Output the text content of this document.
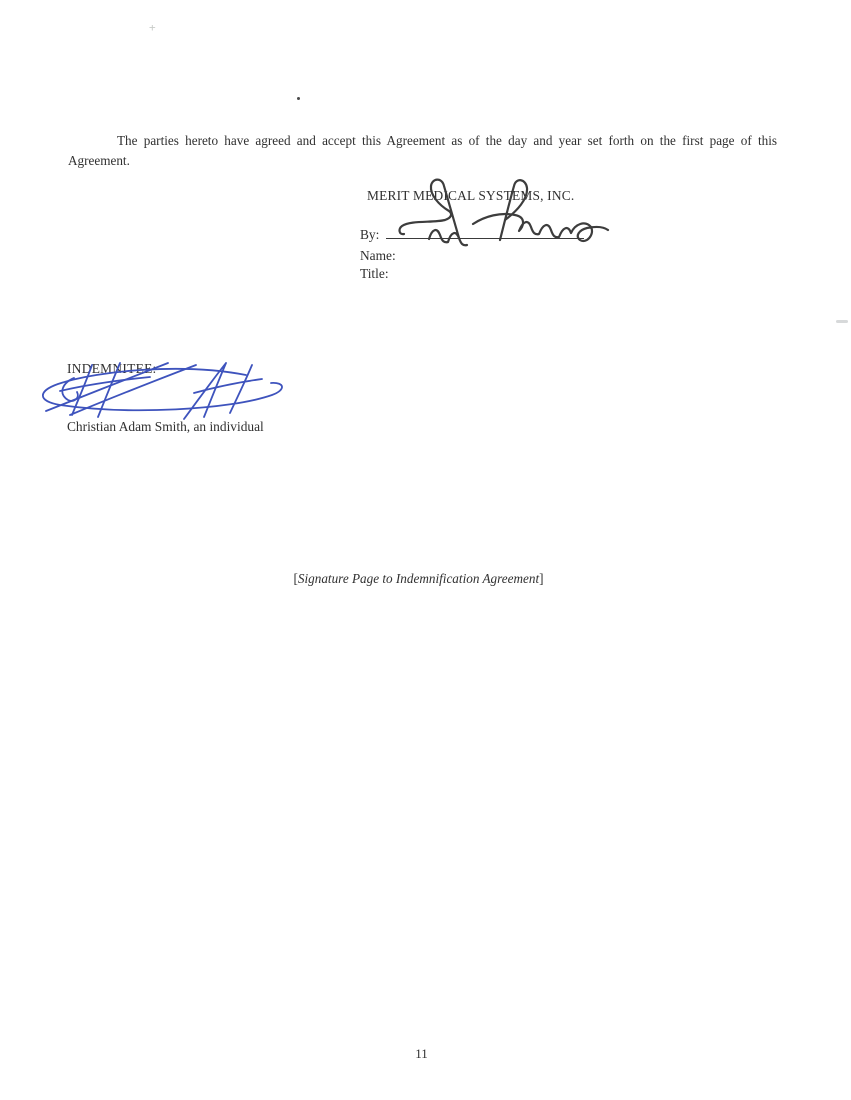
+

The parties hereto have agreed and accept this Agreement as of the day and year set forth on the first page of this

Agreement.

MERIT MEDICAL SYSTEMS, INC.
By:
Name:
Title:
INDEMNITEE:
Christian Adam Smith, an individual
[Signature Page to Indemnification Agreement]
11
